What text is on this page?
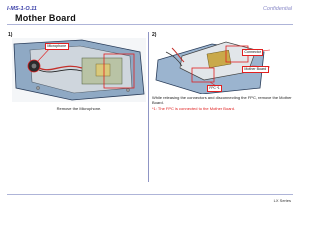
I-MS-1-O.11	Confidential
Mother Board
1)	2)
Microphone
Remove the Microphone.
Connector
Mother Board
FPC *1
While releasing the connectors and disconnecting the FPC, remove the Mother Board.
*1: The FPC is connected to the Mother Board.
LX Series
